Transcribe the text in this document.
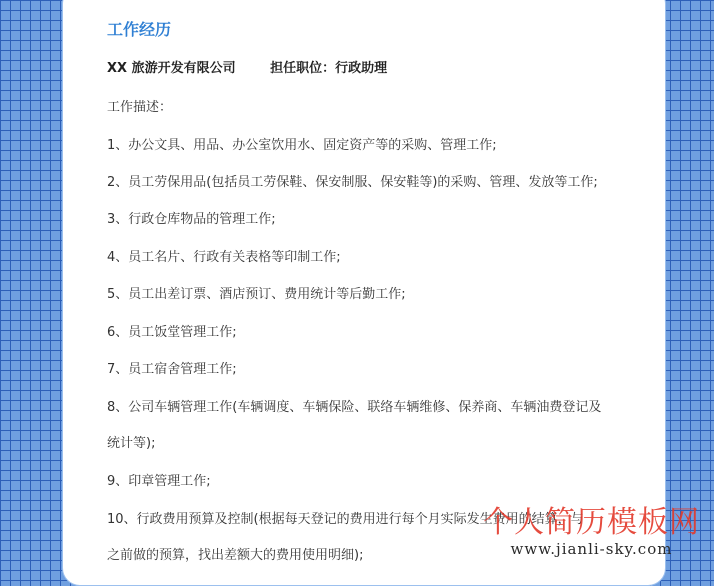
工作经历
XX 旅游开发有限公司	担任职位：行政助理
工作描述：
1、办公文具、用品、办公室饮用水、固定资产等的采购、管理工作;
2、员工劳保用品(包括员工劳保鞋、保安制服、保安鞋等)的采购、管理、发放等工作;
3、行政仓库物品的管理工作;
4、员工名片、行政有关表格等印制工作;
5、员工出差订票、酒店预订、费用统计等后勤工作;
6、员工饭堂管理工作;
7、员工宿舍管理工作;
8、公司车辆管理工作(车辆调度、车辆保险、联络车辆维修、保养商、车辆油费登记及
统计等);
9、印章管理工作;
10、行政费用预算及控制(根据每天登记的费用进行每个月实际发生费用的结算，与
之前做的预算，找出差额大的费用使用明细);
个人简历模板网
www.jianli-sky.com
